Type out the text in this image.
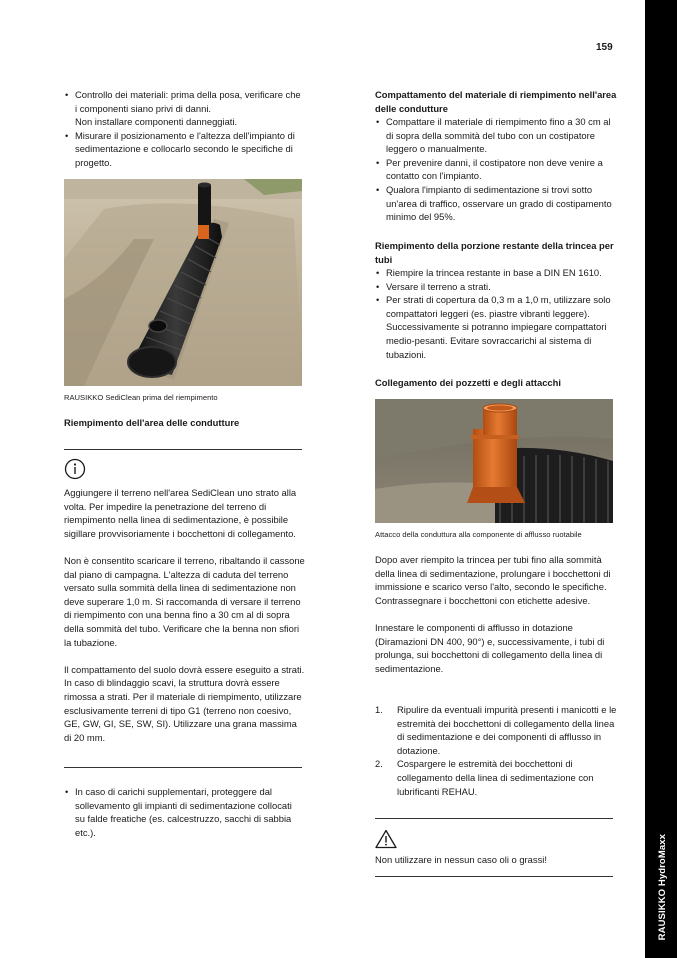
RAUSIKKO HydroMaxx
159
• Controllo dei materiali: prima della posa, verificare che i componenti siano privi di danni.
Non installare componenti danneggiati.
• Misurare il posizionamento e l'altezza dell'impianto di sedimentazione e collocarlo secondo le specifiche di progetto.
RAUSIKKO SediClean prima del riempimento
Riempimento dell'area delle condutture

Aggiungere il terreno nell'area SediClean uno strato alla volta. Per impedire la penetrazione del terreno di riempimento nella linea di sedimentazione, è possibile sigillare provvisoriamente i bocchettoni di collegamento.

Non è consentito scaricare il terreno, ribaltando il cassone dal piano di campagna. L'altezza di caduta del terreno versato sulla sommità della linea di sedimentazione non deve superare 1,0 m. Si raccomanda di versare il terreno di riempimento con una benna fino a 30 cm al di sopra della sommità del tubo. Verificare che la benna non sfiori la tubazione.

Il compattamento del suolo dovrà essere eseguito a strati. In caso di blindaggio scavi, la struttura dovrà essere rimossa a strati. Per il materiale di riempimento, utilizzare esclusivamente terreni di tipo G1 (terreno non coesivo, GE, GW, GI, SE, SW, SI). Utilizzare una grana massima di 20 mm.

• In caso di carichi supplementari, proteggere dal sollevamento gli impianti di sedimentazione collocati su falde freatiche (es. calcestruzzo, sacchi di sabbia etc.).
Compattamento del materiale di riempimento nell'area delle condutture
• Compattare il materiale di riempimento fino a 30 cm al di sopra della sommità del tubo con un costipatore leggero o manualmente.
• Per prevenire danni, il costipatore non deve venire a contatto con l'impianto.
• Qualora l'impianto di sedimentazione si trovi sotto un'area di traffico, osservare un grado di costipamento minimo del 95%.
Riempimento della porzione restante della trincea per tubi
• Riempire la trincea restante in base a DIN EN 1610.
• Versare il terreno a strati.
• Per strati di copertura da 0,3 m a 1,0 m, utilizzare solo compattatori leggeri (es. piastre vibranti leggere). Successivamente si potranno impiegare compattatori medio-pesanti. Evitare sovraccarichi al sistema di tubazioni.
Collegamento dei pozzetti e degli attacchi
Attacco della conduttura alla componente di afflusso ruotabile

Dopo aver riempito la trincea per tubi fino alla sommità della linea di sedimentazione, prolungare i bocchettoni di immissione e scarico verso l'alto, secondo le specifiche.

Contrassegnare i bocchettoni con etichette adesive.

Innestare le componenti di afflusso in dotazione (Diramazioni DN 400, 90°) e, successivamente, i tubi di prolunga, sui bocchettoni di collegamento della linea di sedimentazione.

1. Ripulire da eventuali impurità presenti i manicotti e le estremità dei bocchettoni di collegamento della linea di sedimentazione e dei componenti di afflusso in dotazione.
2. Cospargere le estremità dei bocchettoni di collegamento della linea di sedimentazione con lubrificanti REHAU.
Non utilizzare in nessun caso oli o grassi!
